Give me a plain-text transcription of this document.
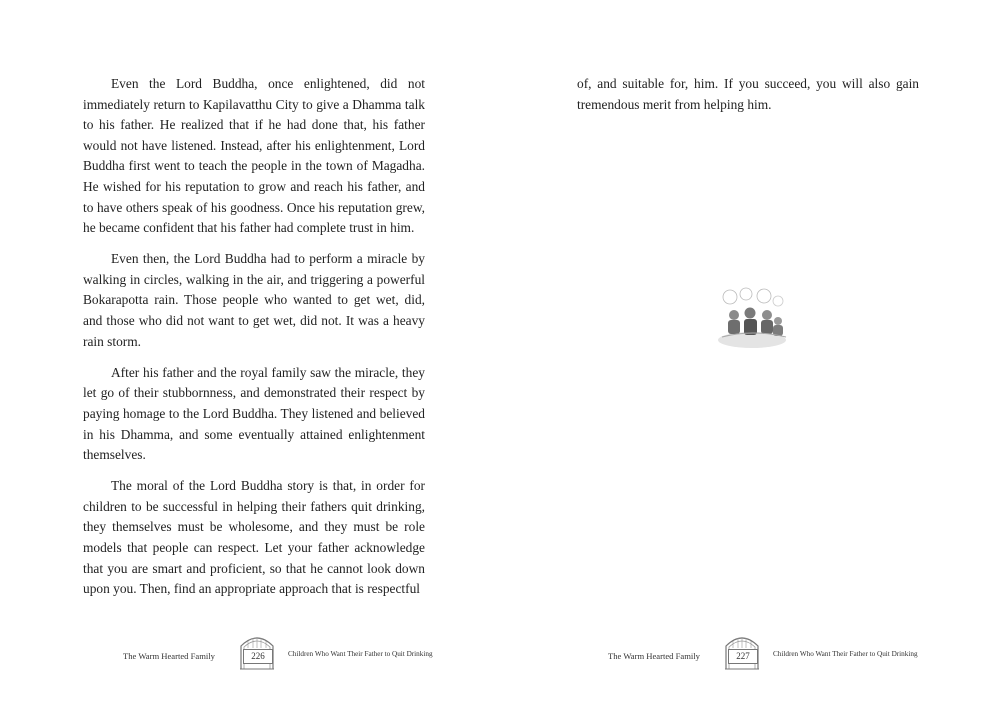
Even the Lord Buddha, once enlightened, did not immediately return to Kapilavatthu City to give a Dhamma talk to his father. He realized that if he had done that, his father would not have listened. Instead, after his enlightenment, Lord Buddha first went to teach the people in the town of Magadha. He wished for his reputation to grow and reach his father, and to have others speak of his goodness. Once his reputation grew, he became confident that his father had complete trust in him.

Even then, the Lord Buddha had to perform a miracle by walking in circles, walking in the air, and triggering a powerful Bokarapotta rain. Those people who wanted to get wet, did, and those who did not want to get wet, did not. It was a heavy rain storm.

After his father and the royal family saw the miracle, they let go of their stubbornness, and demonstrated their respect by paying homage to the Lord Buddha. They listened and believed in his Dhamma, and some eventually attained enlightenment themselves.

The moral of the Lord Buddha story is that, in order for children to be successful in helping their fathers quit drinking, they themselves must be wholesome, and they must be role models that people can respect. Let your father acknowledge that you are smart and proficient, so that he cannot look down upon you. Then, find an appropriate approach that is respectful

The Warm Hearted Family	226	Children Who Want Their Father to Quit Drinking

of, and suitable for, him. If you succeed, you will also gain tremendous merit from helping him.

The Warm Hearted Family	227	Children Who Want Their Father to Quit Drinking
